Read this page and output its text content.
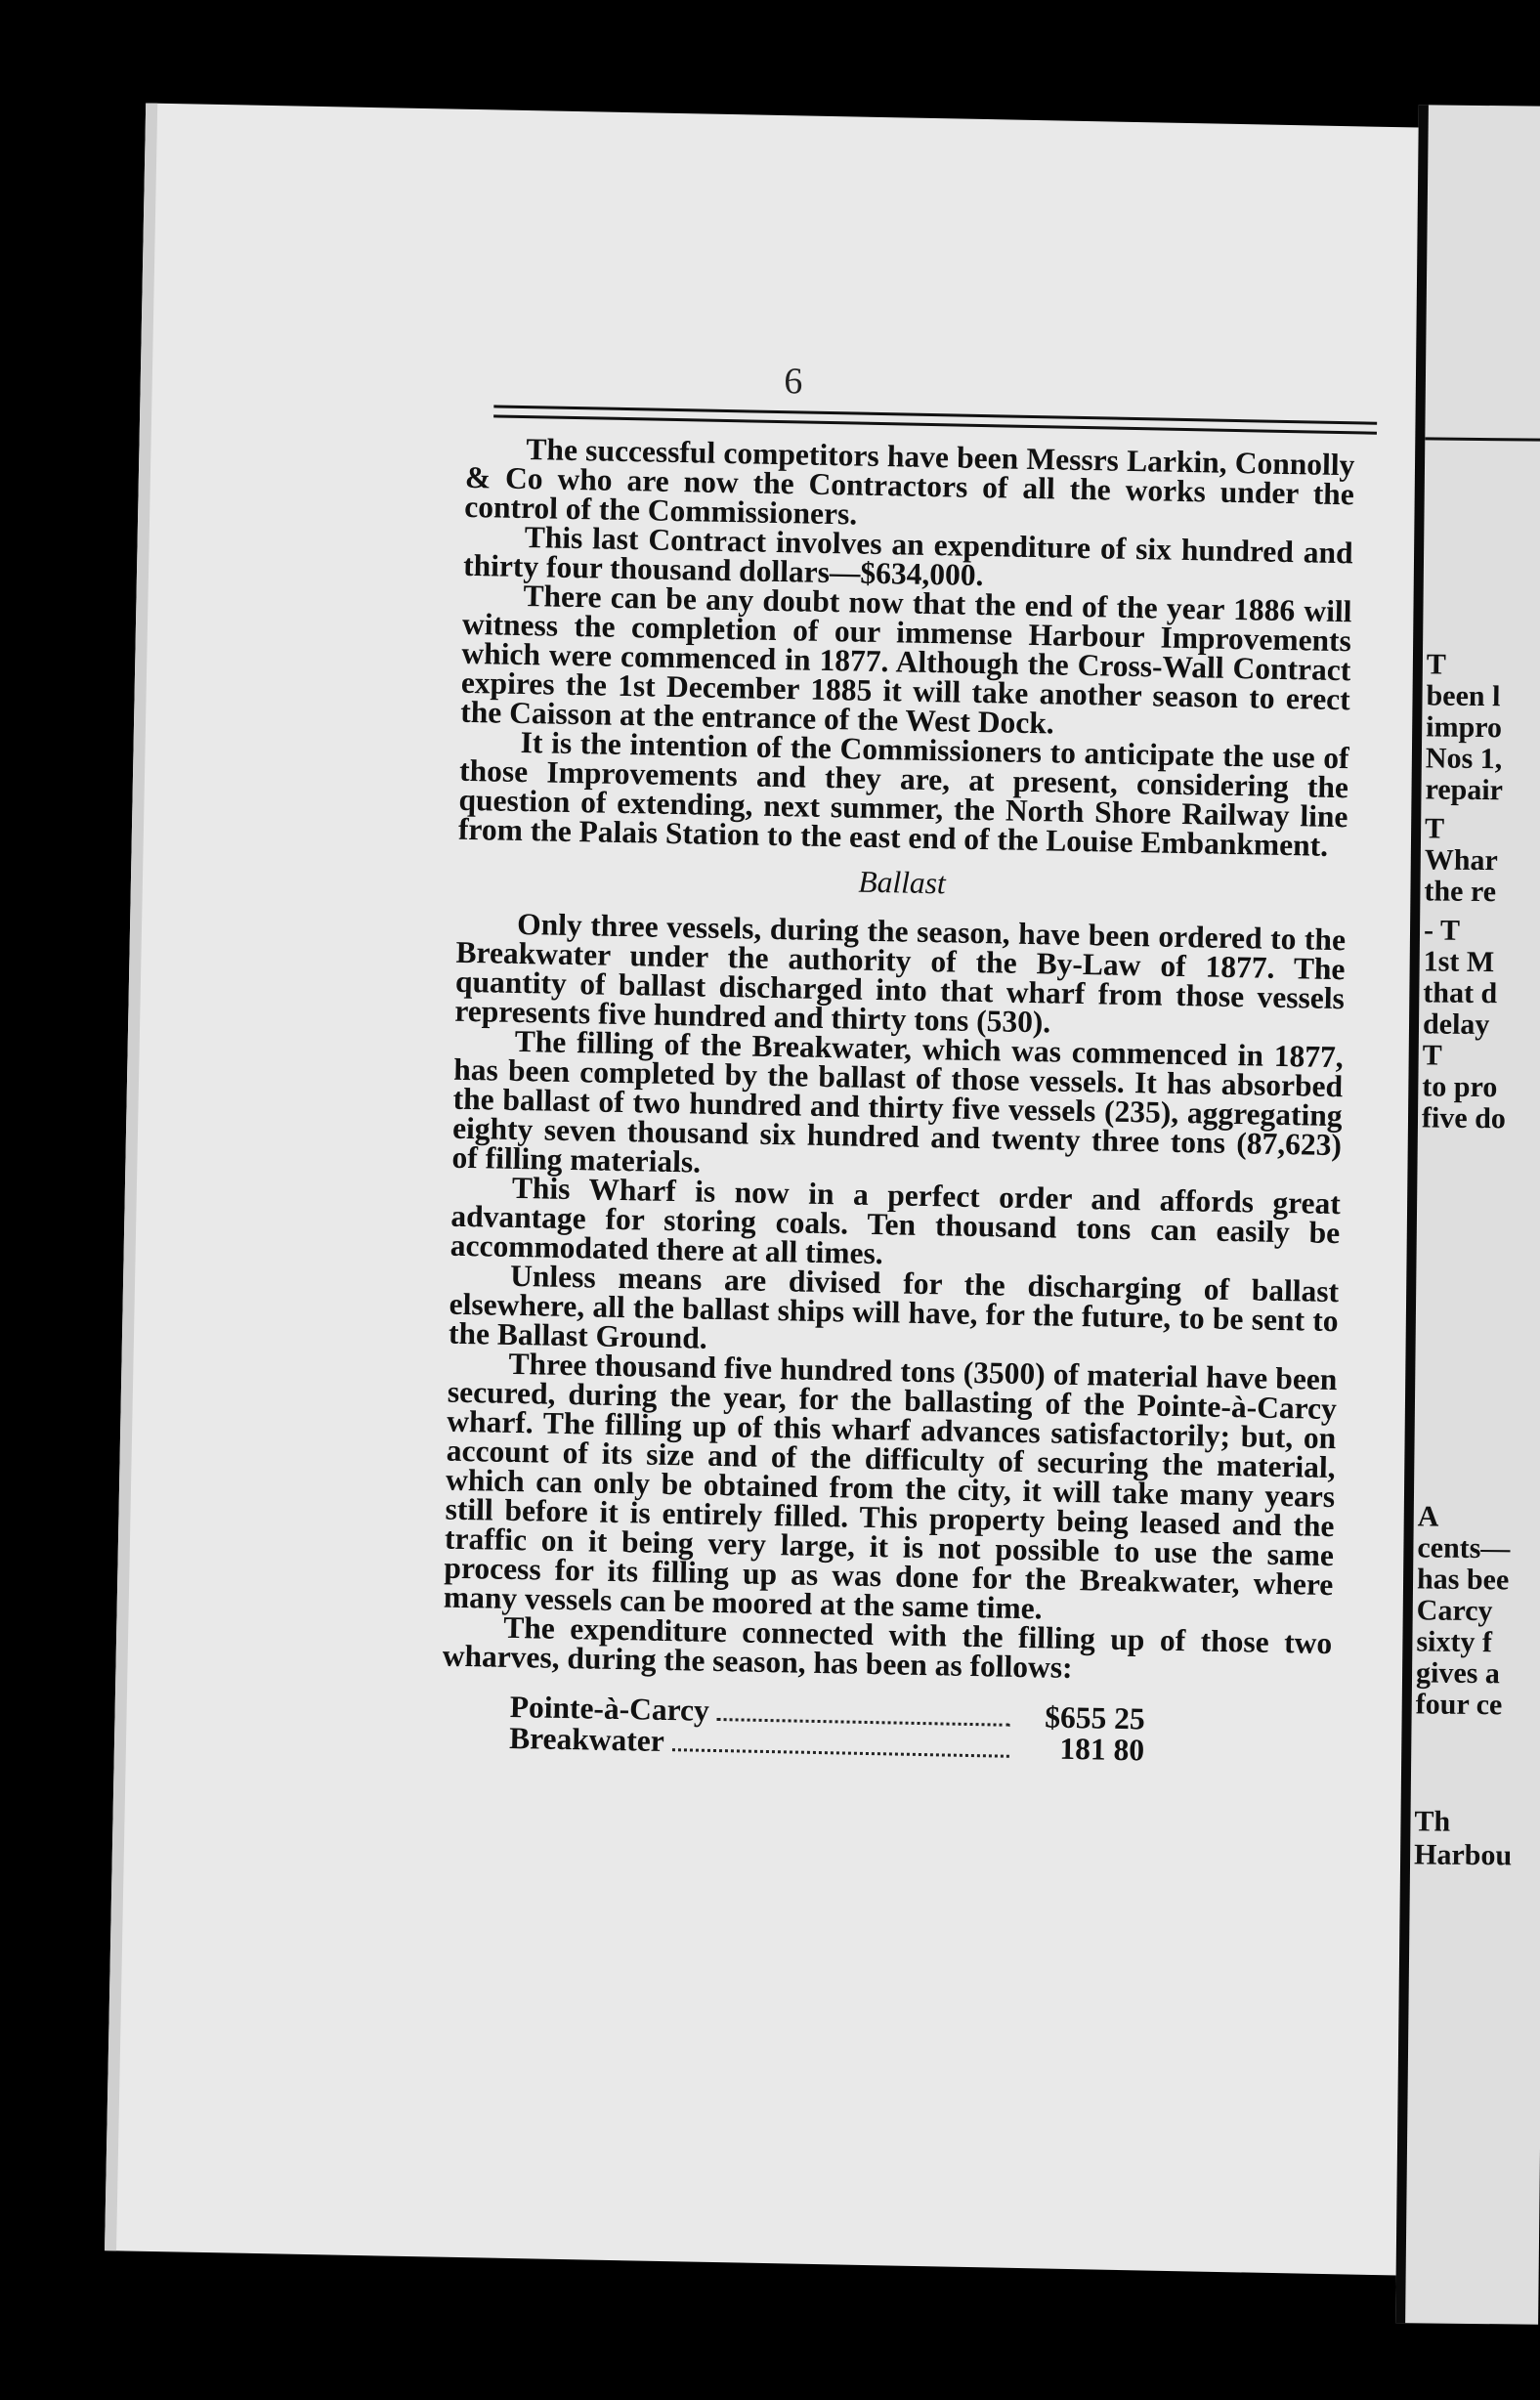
6

The successful competitors have been Messrs Larkin, Connolly & Co who are now the Contractors of all the works under the control of the Commissioners.

This last Contract involves an expenditure of six hundred and thirty four thousand dollars—$634,000.

There can be any doubt now that the end of the year 1886 will witness the completion of our immense Harbour Improvements which were commenced in 1877. Although the Cross-Wall Contract expires the 1st December 1885 it will take another season to erect the Caisson at the entrance of the West Dock.

It is the intention of the Commissioners to anticipate the use of those Improvements and they are, at present, considering the question of extending, next summer, the North Shore Railway line from the Palais Station to the east end of the Louise Embankment.

Ballast

Only three vessels, during the season, have been ordered to the Breakwater under the authority of the By-Law of 1877. The quantity of ballast discharged into that wharf from those vessels represents five hundred and thirty tons (530).

The filling of the Breakwater, which was commenced in 1877, has been completed by the ballast of those vessels. It has absorbed the ballast of two hundred and thirty five vessels (235), aggregating eighty seven thousand six hundred and twenty three tons (87,623) of filling materials.

This Wharf is now in a perfect order and affords great advantage for storing coals. Ten thousand tons can easily be accommodated there at all times.

Unless means are divised for the discharging of ballast elsewhere, all the ballast ships will have, for the future, to be sent to the Ballast Ground.

Three thousand five hundred tons (3500) of material have been secured, during the year, for the ballasting of the Pointe-à-Carcy wharf. The filling up of this wharf advances satisfactorily; but, on account of its size and of the difficulty of securing the material, which can only be obtained from the city, it will take many years still before it is entirely filled. This property being leased and the traffic on it being very large, it is not possible to use the same process for its filling up as was done for the Breakwater, where many vessels can be moored at the same time.

The expenditure connected with the filling up of those two wharves, during the season, has been as follows:

Pointe-à-Carcy	$655 25
Breakwater	181 80
T
been l
impro
Nos 1,
repair
T
Whar
the re
- T
1st M
that d
delay
T
to pro
five do
A
cents—
has bee
Carcy
sixty f
gives a
four ce
Th
Harbou
